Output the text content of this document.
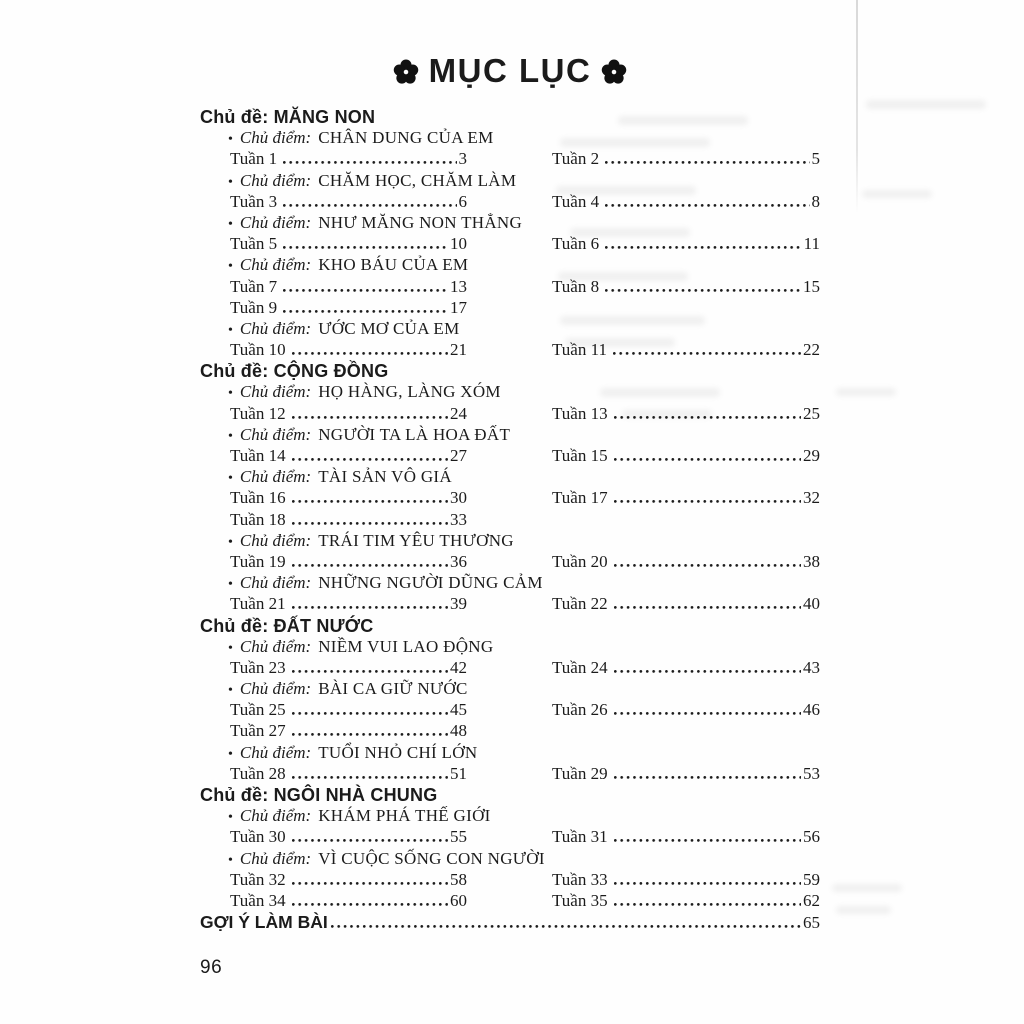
MỤC LỤC
Chủ đề: MĂNG NON
• Chủ điểm: CHÂN DUNG CỦA EM
Tuần 1	3	Tuần 2	5
• Chủ điểm: CHĂM HỌC, CHĂM LÀM
Tuần 3	6	Tuần 4	8
• Chủ điểm: NHƯ MĂNG NON THẲNG
Tuần 5	10	Tuần 6	11
• Chủ điểm: KHO BÁU CỦA EM
Tuần 7	13	Tuần 8	15
Tuần 9	17
• Chủ điểm: ƯỚC MƠ CỦA EM
Tuần 10	21	Tuần 11	22
Chủ đề: CỘNG ĐỒNG
• Chủ điểm: HỌ HÀNG, LÀNG XÓM
Tuần 12	24	Tuần 13	25
• Chủ điểm: NGƯỜI TA LÀ HOA ĐẤT
Tuần 14	27	Tuần 15	29
• Chủ điểm: TÀI SẢN VÔ GIÁ
Tuần 16	30	Tuần 17	32
Tuần 18	33
• Chủ điểm: TRÁI TIM YÊU THƯƠNG
Tuần 19	36	Tuần 20	38
• Chủ điểm: NHỮNG NGƯỜI DŨNG CẢM
Tuần 21	39	Tuần 22	40
Chủ đề: ĐẤT NƯỚC
• Chủ điểm: NIỀM VUI LAO ĐỘNG
Tuần 23	42	Tuần 24	43
• Chủ điểm: BÀI CA GIỮ NƯỚC
Tuần 25	45	Tuần 26	46
Tuần 27	48
• Chủ điểm: TUỔI NHỎ CHÍ LỚN
Tuần 28	51	Tuần 29	53
Chủ đề: NGÔI NHÀ CHUNG
• Chủ điểm: KHÁM PHÁ THẾ GIỚI
Tuần 30	55	Tuần 31	56
• Chủ điểm: VÌ CUỘC SỐNG CON NGƯỜI
Tuần 32	58	Tuần 33	59
Tuần 34	60	Tuần 35	62
GỢI Ý LÀM BÀI	65
96
